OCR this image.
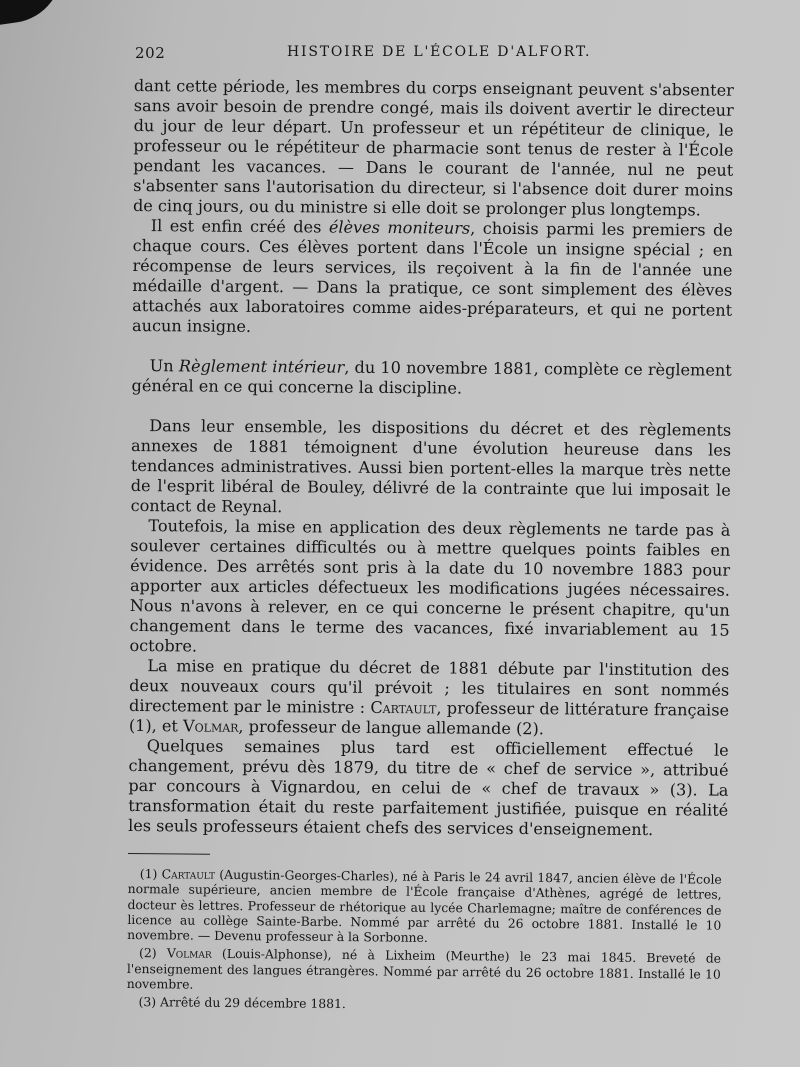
202	HISTOIRE DE L'ÉCOLE D'ALFORT.

dant cette période, les membres du corps enseignant peuvent s'absenter sans avoir besoin de prendre congé, mais ils doivent avertir le directeur du jour de leur départ. Un professeur et un répétiteur de clinique, le professeur ou le répétiteur de pharmacie sont tenus de rester à l'École pendant les vacances. — Dans le courant de l'année, nul ne peut s'absenter sans l'autorisation du directeur, si l'absence doit durer moins de cinq jours, ou du ministre si elle doit se prolonger plus longtemps.

Il est enfin créé des élèves moniteurs, choisis parmi les premiers de chaque cours. Ces élèves portent dans l'École un insigne spécial ; en récompense de leurs services, ils reçoivent à la fin de l'année une médaille d'argent. — Dans la pratique, ce sont simplement des élèves attachés aux laboratoires comme aides-préparateurs, et qui ne portent aucun insigne.

Un Règlement intérieur, du 10 novembre 1881, complète ce règlement général en ce qui concerne la discipline.

Dans leur ensemble, les dispositions du décret et des règlements annexes de 1881 témoignent d'une évolution heureuse dans les tendances administratives. Aussi bien portent-elles la marque très nette de l'esprit libéral de Bouley, délivré de la contrainte que lui imposait le contact de Reynal.

Toutefois, la mise en application des deux règlements ne tarde pas à soulever certaines difficultés ou à mettre quelques points faibles en évidence. Des arrêtés sont pris à la date du 10 novembre 1883 pour apporter aux articles défectueux les modifications jugées nécessaires. Nous n'avons à relever, en ce qui concerne le présent chapitre, qu'un changement dans le terme des vacances, fixé invariablement au 15 octobre.

La mise en pratique du décret de 1881 débute par l'institution des deux nouveaux cours qu'il prévoit ; les titulaires en sont nommés directement par le ministre : Cartault, professeur de littérature française (1), et Volmar, professeur de langue allemande (2).

Quelques semaines plus tard est officiellement effectué le changement, prévu dès 1879, du titre de « chef de service », attribué par concours à Vignardou, en celui de « chef de travaux » (3). La transformation était du reste parfaitement justifiée, puisque en réalité les seuls professeurs étaient chefs des services d'enseignement.

(1) Cartault (Augustin-Georges-Charles), né à Paris le 24 avril 1847, ancien élève de l'École normale supérieure, ancien membre de l'École française d'Athènes, agrégé de lettres, docteur ès lettres. Professeur de rhétorique au lycée Charlemagne; maître de conférences de licence au collège Sainte-Barbe. Nommé par arrêté du 26 octobre 1881. Installé le 10 novembre. — Devenu professeur à la Sorbonne.

(2) Volmar (Louis-Alphonse), né à Lixheim (Meurthe) le 23 mai 1845. Breveté de l'enseignement des langues étrangères. Nommé par arrêté du 26 octobre 1881. Installé le 10 novembre.

(3) Arrêté du 29 décembre 1881.
